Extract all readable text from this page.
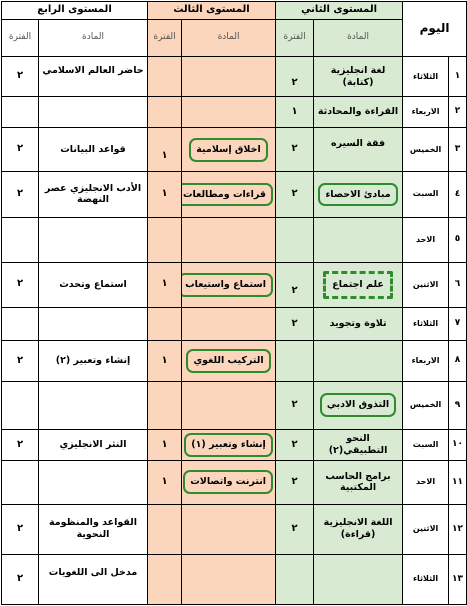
اليوم		المستوى الثاني		المستوى الثالث		المستوى الرابع	
		المادة	الفترة	المادة	الفترة	المادة	الفترة
١	الثلاثاء	لغة انجليزية (كتابة)	٢			حاضر العالم الاسلامي	٢
٢	الاربعاء	القراءة والمحادثة	١				
٣	الخميس	فقة السيره	٢	اخلاق إسلامية	١	قواعد البيانات	٢
٤	السبت	مبادئ الاحصاء	٢	قراءات ومطالعات	١	الأدب الانجليزي عصر النهضة	٢
٥	الاحد						
٦	الاثنين	علم اجتماع	٢	استماع واستيعاب	١	استماع وتحدث	٢
٧	الثلاثاء	تلاوة وتجويد	٢				
٨	الاربعاء			التركيب اللغوي	١	إنشاء وتعبير (٢)	٢
٩	الخميس	التذوق الادبي	٢				
١٠	السبت	النحو التطبيقي(٢)	٢	إنشاء وتعبير (١)	١	النثر الانجليزي	٢
١١	الاحد	برامج الحاسب المكتبية	٢	انترنت واتصالات	١		
١٢	الاثنين	اللغة الانجليزية (قراءة)	٢			القواعد والمنظومة النحوية	٢
١٣	الثلاثاء					مدخل الى اللغويات	٢
